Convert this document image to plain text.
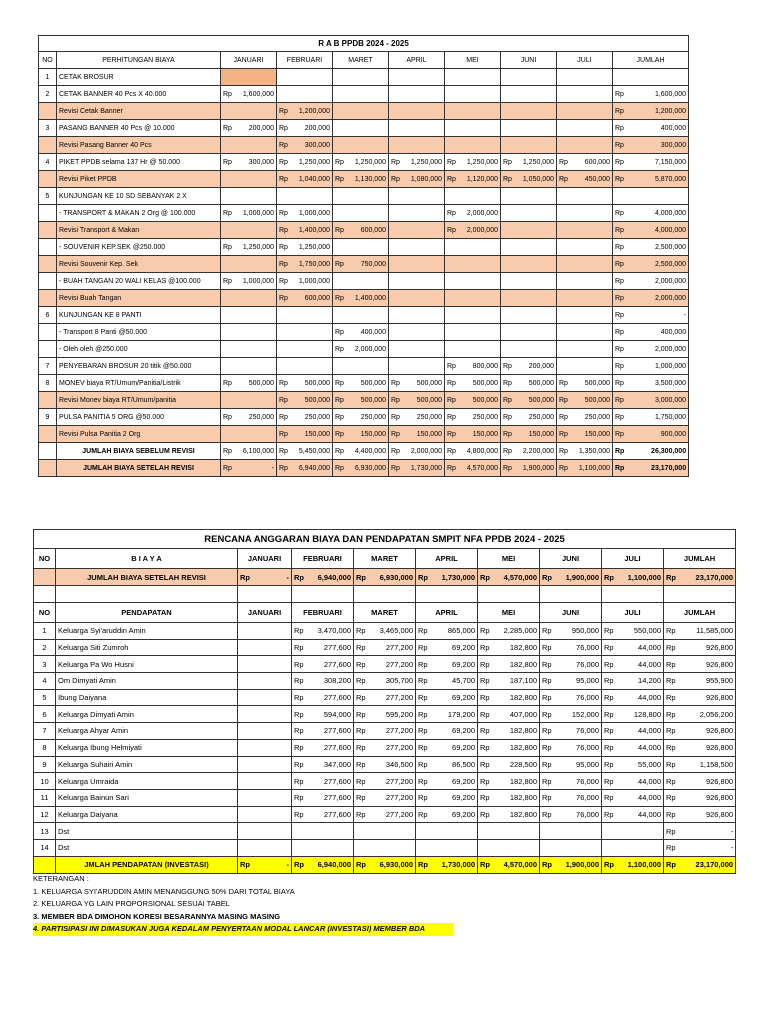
R A B PPDB 2024 - 2025									
NO	PERHITUNGAN BIAYA	JANUARI	FEBRUARI	MARET	APRIL	MEI	JUNI	JULI	JUMLAH
1	CETAK BROSUR								
2	CETAK BANNER 40 Pcs X 40.000	Rp 1,600,000							Rp 1,600,000

	Revisi Cetak Banner		Rp 1,200,000						Rp 1,200,000

3	PASANG BANNER 40 Pcs @ 10.000	Rp 200,000	Rp 200,000						Rp 400,000

	Revisi Pasang Banner 40 Pcs		Rp 300,000						Rp 300,000

4	PIKET PPDB selama 137 Hr @ 50.000	Rp 300,000	Rp 1,250,000	Rp 1,250,000	Rp 1,250,000	Rp 1,250,000	Rp 1,250,000	Rp 600,000	Rp 7,150,000

	Revisi Piket PPDB		Rp 1,040,000	Rp 1,130,000	Rp 1,080,000	Rp 1,120,000	Rp 1,050,000	Rp 450,000	Rp 5,870,000

5	KUNJUNGAN KE 10 SD SEBANYAK 2 X								
	- TRANSPORT & MAKAN 2 Org @ 100.000	Rp 1,000,000	Rp 1,000,000			Rp 2,000,000			Rp 4,000,000

	Revisi Transport & Makan		Rp 1,400,000	Rp 600,000		Rp 2,000,000			Rp 4,000,000

	- SOUVENIR KEP.SEK @250.000	Rp 1,250,000	Rp 1,250,000						Rp 2,500,000

	Revisi Souvenir Kep. Sek		Rp 1,750,000	Rp 750,000					Rp 2,500,000

	- BUAH TANGAN 20 WALI KELAS @100.000	Rp 1,000,000	Rp 1,000,000						Rp 2,000,000

	Revisi Buah Tangan		Rp 600,000	Rp 1,400,000					Rp 2,000,000

6	KUNJUNGAN KE 8 PANTI								Rp -

	- Transport 8 Panti @50.000			Rp 400,000					Rp 400,000

	- Oleh oleh @250.000			Rp 2,000,000					Rp 2,000,000

7	PENYEBARAN BROSUR 20 titik @50.000					Rp 800,000	Rp 200,000		Rp 1,000,000

8	MONEV biaya RT/Umum/Panitia/Listrik	Rp 500,000	Rp 500,000	Rp 500,000	Rp 500,000	Rp 500,000	Rp 500,000	Rp 500,000	Rp 3,500,000

	Revisi Monev biaya RT/Umum/panitia		Rp 500,000	Rp 500,000	Rp 500,000	Rp 500,000	Rp 500,000	Rp 500,000	Rp 3,000,000

9	PULSA PANITIA 5 ORG @50.000	Rp 250,000	Rp 250,000	Rp 250,000	Rp 250,000	Rp 250,000	Rp 250,000	Rp 250,000	Rp 1,750,000

	Revisi Pulsa Panitia 2 Org		Rp 150,000	Rp 150,000	Rp 150,000	Rp 150,000	Rp 150,000	Rp 150,000	Rp 900,000

	JUMLAH BIAYA SEBELUM REVISI	Rp 6,100,000	Rp 5,450,000	Rp 4,400,000	Rp 2,000,000	Rp 4,800,000	Rp 2,200,000	Rp 1,350,000	Rp 26,300,000

	JUMLAH BIAYA SETELAH REVISI	Rp -	Rp 6,940,000	Rp 6,930,000	Rp 1,730,000	Rp 4,570,000	Rp 1,900,000	Rp 1,100,000	Rp 23,170,000
RENCANA ANGGARAN BIAYA DAN PENDAPATAN SMPIT NFA PPDB 2024 - 2025									
NO	B I A Y A	JANUARI	FEBRUARI	MARET	APRIL	MEI	JUNI	JULI	JUMLAH
	JUMLAH BIAYA SETELAH REVISI	Rp -	Rp 6,940,000	Rp 6,930,000	Rp 1,730,000	Rp 4,570,000	Rp 1,900,000	Rp 1,100,000	Rp 23,170,000

NO	PENDAPATAN	JANUARI	FEBRUARI	MARET	APRIL	MEI	JUNI	JULI	JUMLAH
1	Keluarga Syi'aruddin Amin		Rp 3,470,000	Rp 3,465,000	Rp 865,000	Rp 2,285,000	Rp 950,000	Rp 550,000	Rp 11,585,000

2	Keluarga Siti Zumroh		Rp 277,600	Rp 277,200	Rp 69,200	Rp 182,800	Rp 76,000	Rp 44,000	Rp 926,800

3	Keluarga Pa Wo Husni		Rp 277,600	Rp 277,200	Rp 69,200	Rp 182,800	Rp 76,000	Rp 44,000	Rp 926,800

4	Om Dimyati Amin		Rp 308,200	Rp 305,700	Rp 45,700	Rp 187,100	Rp 95,000	Rp 14,200	Rp 955,900

5	Ibung Daiyana		Rp 277,600	Rp 277,200	Rp 69,200	Rp 182,800	Rp 76,000	Rp 44,000	Rp 926,800

6	Keluarga Dimyati Amin		Rp 594,000	Rp 595,200	Rp 179,200	Rp 407,000	Rp 152,000	Rp 128,800	Rp 2,056,200

7	Keluarga Ahyar Amin		Rp 277,600	Rp 277,200	Rp 69,200	Rp 182,800	Rp 76,000	Rp 44,000	Rp 926,800

8	Keluarga Ibung Helmiyati		Rp 277,600	Rp 277,200	Rp 69,200	Rp 182,800	Rp 76,000	Rp 44,000	Rp 926,800

9	Keluarga Suhairi Amin		Rp 347,000	Rp 346,500	Rp 86,500	Rp 228,500	Rp 95,000	Rp 55,000	Rp 1,158,500

10	Keluarga Umraida		Rp 277,600	Rp 277,200	Rp 69,200	Rp 182,800	Rp 76,000	Rp 44,000	Rp 926,800

11	Keluarga Bainun Sari		Rp 277,600	Rp 277,200	Rp 69,200	Rp 182,800	Rp 76,000	Rp 44,000	Rp 926,800

12	Keluarga Daiyana		Rp 277,600	Rp 277,200	Rp 69,200	Rp 182,800	Rp 76,000	Rp 44,000	Rp 926,800

13	Dst								Rp -

14	Dst								Rp -

	JMLAH PENDAPATAN (INVESTASI)	Rp -	Rp 6,940,000	Rp 6,930,000	Rp 1,730,000	Rp 4,570,000	Rp 1,900,000	Rp 1,100,000	Rp 23,170,000
KETERANGAN :
1. KELUARGA SYI'ARUDDIN AMIN MENANGGUNG 50% DARI TOTAL BIAYA
2. KELUARGA YG LAIN PROPORSIONAL SESUAI TABEL
3. MEMBER BDA DIMOHON KORESI BESARANNYA MASING MASING
4. PARTISIPASI INI DIMASUKAN JUGA KEDALAM PENYERTAAN MODAL LANCAR (INVESTASI) MEMBER BDA
